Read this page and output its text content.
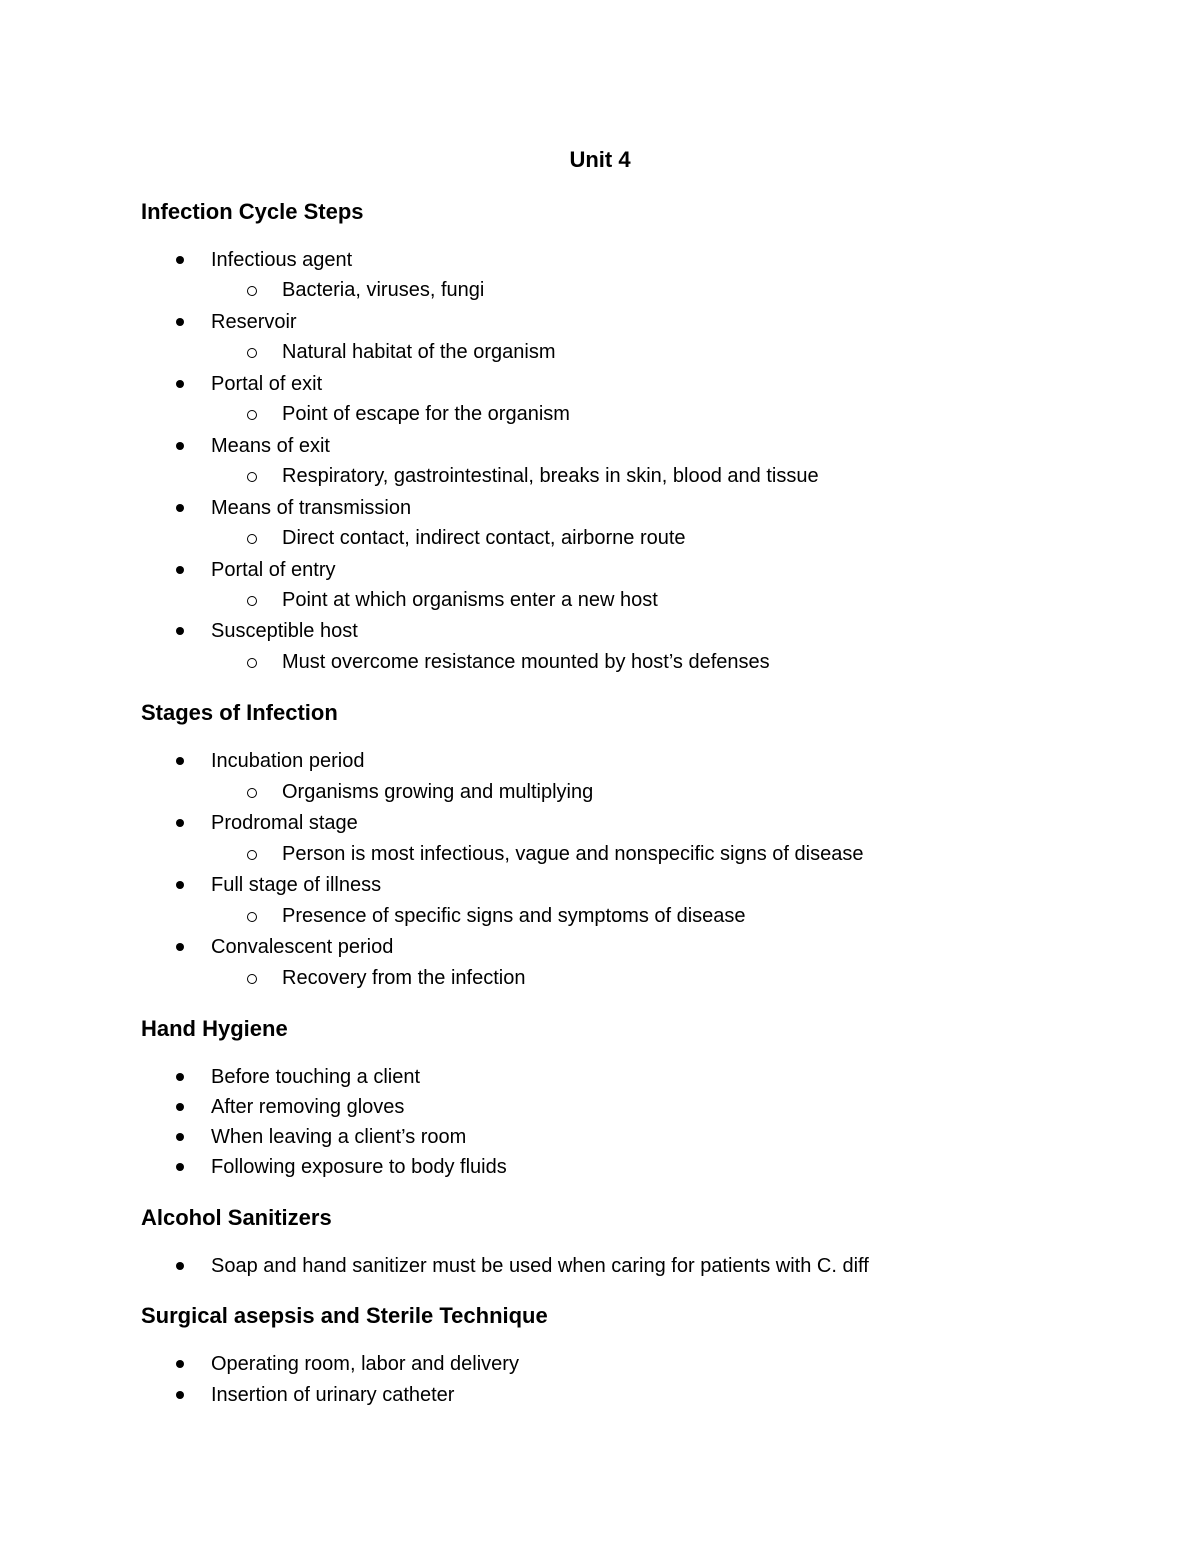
Unit 4
Infection Cycle Steps
Infectious agent
Bacteria, viruses, fungi
Reservoir
Natural habitat of the organism
Portal of exit
Point of escape for the organism
Means of exit
Respiratory, gastrointestinal, breaks in skin, blood and tissue
Means of transmission
Direct contact, indirect contact, airborne route
Portal of entry
Point at which organisms enter a new host
Susceptible host
Must overcome resistance mounted by host’s defenses
Stages of Infection
Incubation period
Organisms growing and multiplying
Prodromal stage
Person is most infectious, vague and nonspecific signs of disease
Full stage of illness
Presence of specific signs and symptoms of disease
Convalescent period
Recovery from the infection
Hand Hygiene
Before touching a client
After removing gloves
When leaving a client’s room
Following exposure to body fluids
Alcohol Sanitizers
Soap and hand sanitizer must be used when caring for patients with C. diff
Surgical asepsis and Sterile Technique
Operating room, labor and delivery
Insertion of urinary catheter
